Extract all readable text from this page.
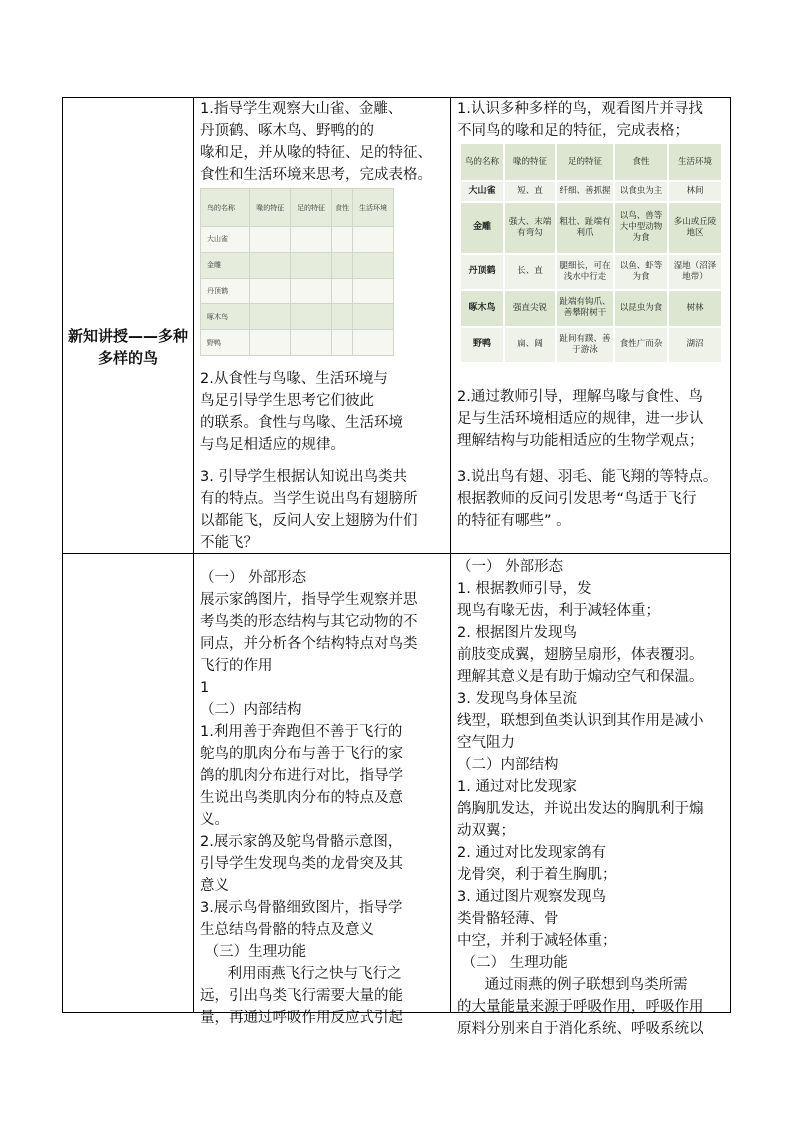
新知讲授——多种多样的鸟

1.指导学生观察大山雀、金雕、

丹顶鹤、啄木鸟、野鸭的的

喙和足，并从喙的特征、足的特征、

食性和生活环境来思考，完成表格。

鸟的名称	喙的特征	足的特征	食性	生活环境
大山雀				
金雕				
丹顶鹤				
啄木鸟				
野鸭				

2.从食性与鸟喙、生活环境与

鸟足引导学生思考它们彼此

的联系。食性与鸟喙、生活环境

与鸟足相适应的规律。

3. 引导学生根据认知说出鸟类共

有的特点。当学生说出鸟有翅膀所

以都能飞，反问人安上翅膀为什们

不能飞？

1.认识多种多样的鸟，观看图片并寻找

不同鸟的喙和足的特征，完成表格；

鸟的名称	喙的特征	足的特征	食性	生活环境
大山雀	短、直	纤细、善抓握	以食虫为主	林间
金雕	强大、末端有弯勾	粗壮、趾端有利爪	以鸟、兽等大中型动物为食	多山或丘陵地区
丹顶鹤	长、直	腿细长，可在浅水中行走	以鱼、虾等为食	湿地（沼泽地带）
啄木鸟	强直尖锐	趾端有钩爪、善攀附树干	以昆虫为食	树林
野鸭	扁、阔	趾间有蹼、善于游泳	食性广而杂	湖沼

2.通过教师引导，理解鸟喙与食性、鸟

足与生活环境相适应的规律，进一步认

理解结构与功能相适应的生物学观点；

3.说出鸟有翅、羽毛、能飞翔的等特点。

根据教师的反问引发思考“鸟适于飞行

的特征有哪些” 。

（一） 外部形态

展示家鸽图片，指导学生观察并思

考鸟类的形态结构与其它动物的不

同点，并分析各个结构特点对鸟类

飞行的作用

1

（二）内部结构

1.利用善于奔跑但不善于飞行的

鸵鸟的肌肉分布与善于飞行的家

鸽的肌肉分布进行对比，指导学

生说出鸟类肌肉分布的特点及意

义。

2.展示家鸽及鸵鸟骨骼示意图，

引导学生发现鸟类的龙骨突及其

意义

3.展示鸟骨骼细致图片，指导学

生总结鸟骨骼的特点及意义

（三）生理功能

利用雨燕飞行之快与飞行之

远，引出鸟类飞行需要大量的能

量，再通过呼吸作用反应式引起

（一） 外部形态

1. 根据教师引导，发

现鸟有喙无齿，利于减轻体重；

2. 根据图片发现鸟

前肢变成翼，翅膀呈扇形，体表覆羽。

理解其意义是有助于煽动空气和保温。

3. 发现鸟身体呈流

线型，联想到鱼类认识到其作用是减小

空气阻力

（二）内部结构

1. 通过对比发现家

鸽胸肌发达，并说出发达的胸肌利于煽

动双翼；

2. 通过对比发现家鸽有

龙骨突，利于着生胸肌；

3. 通过图片观察发现鸟

类骨骼轻薄、骨

中空，并利于减轻体重；

（二） 生理功能

通过雨燕的例子联想到鸟类所需

的大量能量来源于呼吸作用，呼吸作用

原料分别来自于消化系统、呼吸系统以
